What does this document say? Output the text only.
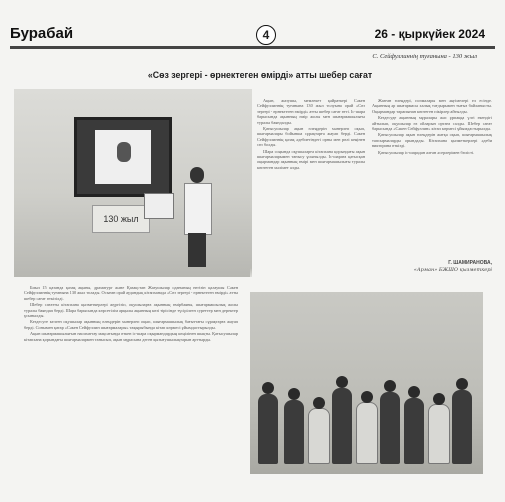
Бурабай	4	26 - қыркүйек 2024
С. Сейфуллиннің туғанына - 130 жыл
«Сөз зергері - өрнектеген өмірді» атты шебер сағат
130 жыл

Ақын, жазушы, мемлекет қайраткері Сәкен Сейфуллиннің туғанына 130 жыл толуына орай «Сөз зергері - өрнектеген өмірді» атты шебер сағат өтті. Іс-шара барысында ақынның өмір жолы мен шығармашылығы туралы баяндалды.

Қатысушылар ақын өлеңдерін мәнерлеп оқып, шығармалары бойынша сұрақтарға жауап берді. Сәкен Сейфуллиннің қазақ әдебиетіндегі орны мен рөлі кеңінен сөз болды.

Шара соңында оқушыларға кітапхана қорындағы ақын шығармаларымен танысу ұсынылды. Іс-шараға қатысқан оқырмандар ақынның өмірі мен шығармашылығы туралы көптеген мәлімет алды.

Жазған өлеңдері, поэмалары мен әңгімелері ел есінде. Ақынның әр шығармасы халық тағдырымен тығыз байланысты. Оқырмандар тарапынан көптеген пікірлер айтылды.

Кездесуде ақынның мұралары жас ұрпаққа үлгі екендігі айтылып, оқушылар өз ойларын ортаға салды. Шебер сағат барысында «Сәкен Сейфуллин» кітап көрмесі ұйымдастырылды.

Қатысушылар ақын өлеңдерін жатқа оқып, шығармашылық тапсырмаларды орындады. Кітапхана қызметкерлері әдеби викторина өткізді.

Қатысушылар іс-шарадан алған әсерлерімен бөлісті.

Г. ШАМИРАНОВА,
«Арман» БЖШО қызметкері

Биыл 15 қазанда қазақ ақыны, драматург және Қазақстан Жазушылар одағының негізін қалаушы Сәкен Сейфуллиннің туғанына 130 жыл толады. Осыған орай аудандық кітапханада «Сөз зергері - өрнектеген өмірді» атты шебер сағат өткізілді.

Шебер сағатты кітапхана қызметкерлері жүргізіп, оқушыларға ақынның өмірбаяны, шығармашылық жолы туралы баяндап берді. Шара барысында көрсетілім арқылы ақынның көзі тірісінде түсірілген суреттер мен деректер ұсынылды.

Кездесуге келген оқушылар ақынның өлеңдерін мәнерлеп оқып, шығармашылық бағыттағы сұрақтарға жауап берді. Сонымен қатар «Сәкен Сейфуллин шығармалары» тақырыбында кітап көрмесі ұйымдастырылды.

Ақын шығармашылығын насихаттау мақсатында өткен іс-шара оқырмандардың көңілінен шықты. Қатысушылар кітапхана қорындағы шығармалармен танысып, ақын мұрасына деген қызығушылықтарын арттырды.
